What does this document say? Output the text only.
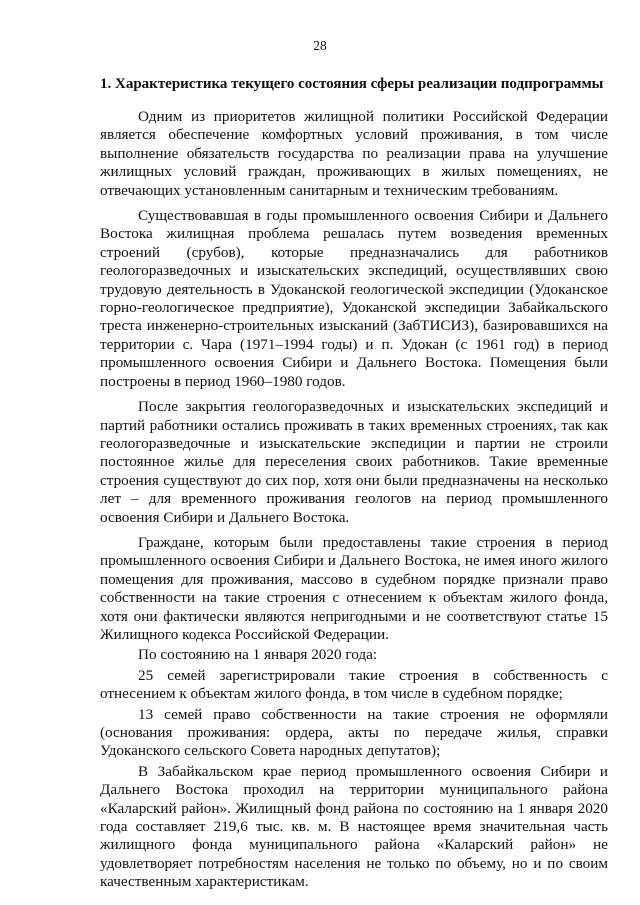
28
1. Характеристика текущего состояния сферы реализации подпрограммы

Одним из приоритетов жилищной политики Российской Федерации является обеспечение комфортных условий проживания, в том числе выполнение обязательств государства по реализации права на улучшение жилищных условий граждан, проживающих в жилых помещениях, не отвечающих установленным санитарным и техническим требованиям.

Существовавшая в годы промышленного освоения Сибири и Дальнего Востока жилищная проблема решалась путем возведения временных строений (срубов), которые предназначались для работников геологоразведочных и изыскательских экспедиций, осуществлявших свою трудовую деятельность в Удоканской геологической экспедиции (Удоканское горно-геологическое предприятие), Удоканской экспедиции Забайкальского треста инженерно-строительных изысканий (ЗабТИСИЗ), базировавшихся на территории с. Чара (1971–1994 годы) и п. Удокан (с 1961 год) в период промышленного освоения Сибири и Дальнего Востока. Помещения были построены в период 1960–1980 годов.

После закрытия геологоразведочных и изыскательских экспедиций и партий работники остались проживать в таких временных строениях, так как геологоразведочные и изыскательские экспедиции и партии не строили постоянное жилье для переселения своих работников. Такие временные строения существуют до сих пор, хотя они были предназначены на несколько лет – для временного проживания геологов на период промышленного освоения Сибири и Дальнего Востока.

Граждане, которым были предоставлены такие строения в период промышленного освоения Сибири и Дальнего Востока, не имея иного жилого помещения для проживания, массово в судебном порядке признали право собственности на такие строения с отнесением к объектам жилого фонда, хотя они фактически являются непригодными и не соответствуют статье 15 Жилищного кодекса Российской Федерации.

По состоянию на 1 января 2020 года:

25 семей зарегистрировали такие строения в собственность с отнесением к объектам жилого фонда, в том числе в судебном порядке;

13 семей право собственности на такие строения не оформляли (основания проживания: ордера, акты по передаче жилья, справки Удоканского сельского Совета народных депутатов);

В Забайкальском крае период промышленного освоения Сибири и Дальнего Востока проходил на территории муниципального района «Каларский район». Жилищный фонд района по состоянию на 1 января 2020 года составляет 219,6 тыс. кв. м. В настоящее время значительная часть жилищного фонда муниципального района «Каларский район» не удовлетворяет потребностям населения не только по объему, но и по своим качественным характеристикам.
